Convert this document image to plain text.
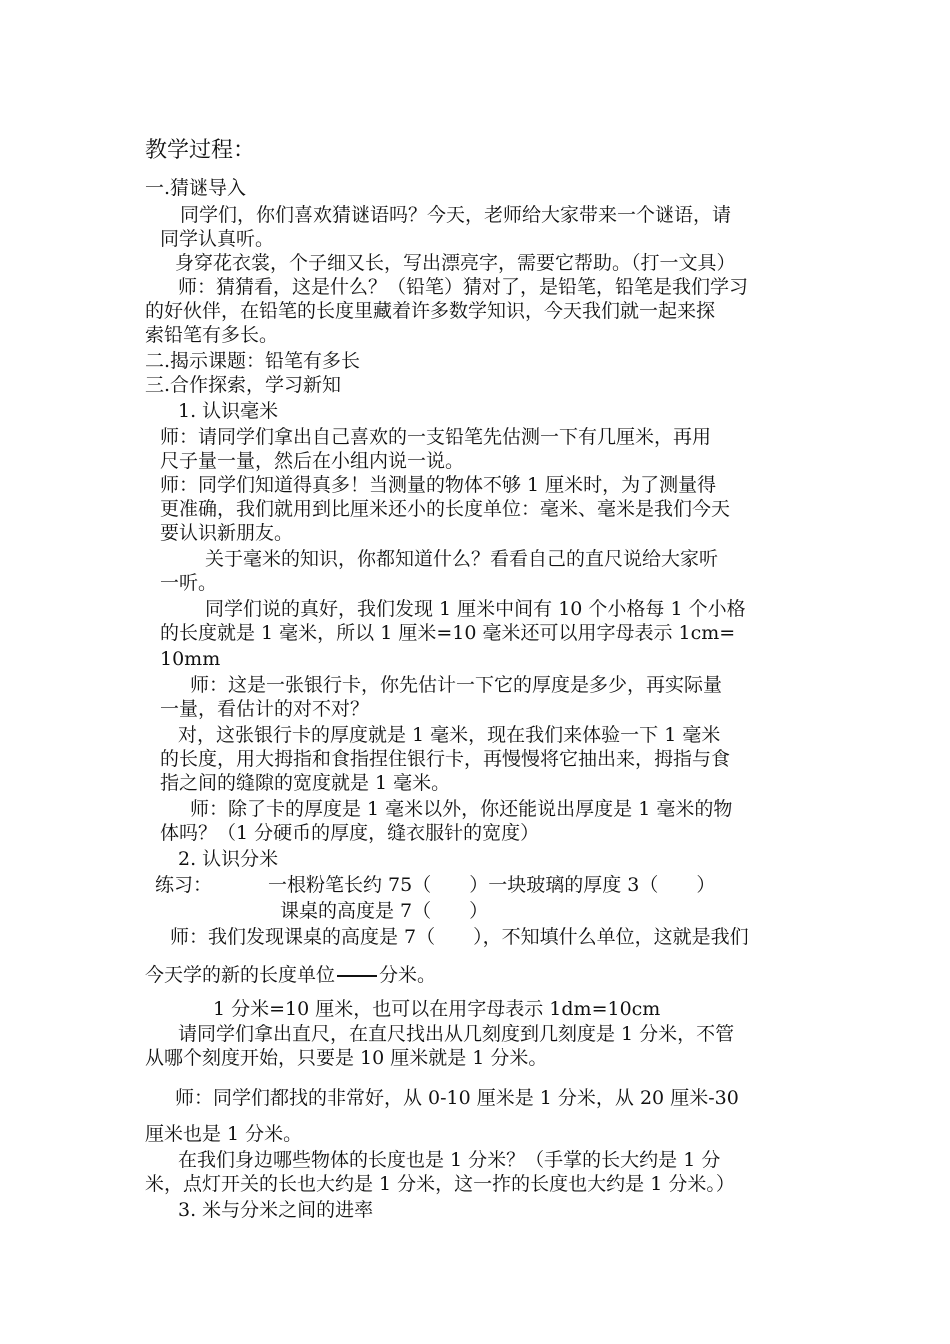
教学过程：
一.猜谜导入
同学们，你们喜欢猜谜语吗？今天，老师给大家带来一个谜语，请
同学认真听。
身穿花衣裳，个子细又长，写出漂亮字，需要它帮助。（打一文具）
师：猜猜看，这是什么？（铅笔）猜对了，是铅笔，铅笔是我们学习
的好伙伴，在铅笔的长度里藏着许多数学知识，今天我们就一起来探
索铅笔有多长。
二.揭示课题：铅笔有多长
三.合作探索，学习新知
1. 认识毫米
师：请同学们拿出自己喜欢的一支铅笔先估测一下有几厘米，再用
尺子量一量，然后在小组内说一说。
师：同学们知道得真多！当测量的物体不够 1 厘米时，为了测量得
更准确，我们就用到比厘米还小的长度单位：毫米、毫米是我们今天
要认识新朋友。
关于毫米的知识，你都知道什么？看看自己的直尺说给大家听
一听。
同学们说的真好，我们发现 1 厘米中间有 10 个小格每 1 个小格
的长度就是 1 毫米，所以 1 厘米=10 毫米还可以用字母表示 1cm=
10mm
师：这是一张银行卡，你先估计一下它的厚度是多少，再实际量
一量，看估计的对不对？
对，这张银行卡的厚度就是 1 毫米，现在我们来体验一下 1 毫米
的长度，用大拇指和食指捏住银行卡，再慢慢将它抽出来，拇指与食
指之间的缝隙的宽度就是 1 毫米。
师：除了卡的厚度是 1 毫米以外，你还能说出厚度是 1 毫米的物
体吗？（1 分硬币的厚度，缝衣服针的宽度）
2. 认识分米
练习：	一根粉笔长约 75（　　）一块玻璃的厚度 3（　　）
课桌的高度是 7（　　）
师：我们发现课桌的高度是 7（　　），不知填什么单位，这就是我们
今天学的新的长度单位 分米。
1 分米=10 厘米，也可以在用字母表示 1dm=10cm
请同学们拿出直尺，在直尺找出从几刻度到几刻度是 1 分米，不管
从哪个刻度开始，只要是 10 厘米就是 1 分米。
师：同学们都找的非常好，从 0-10 厘米是 1 分米，从 20 厘米-30
厘米也是 1 分米。
在我们身边哪些物体的长度也是 1 分米？（手掌的长大约是 1 分
米，点灯开关的长也大约是 1 分米，这一拃的长度也大约是 1 分米。）
3. 米与分米之间的进率
